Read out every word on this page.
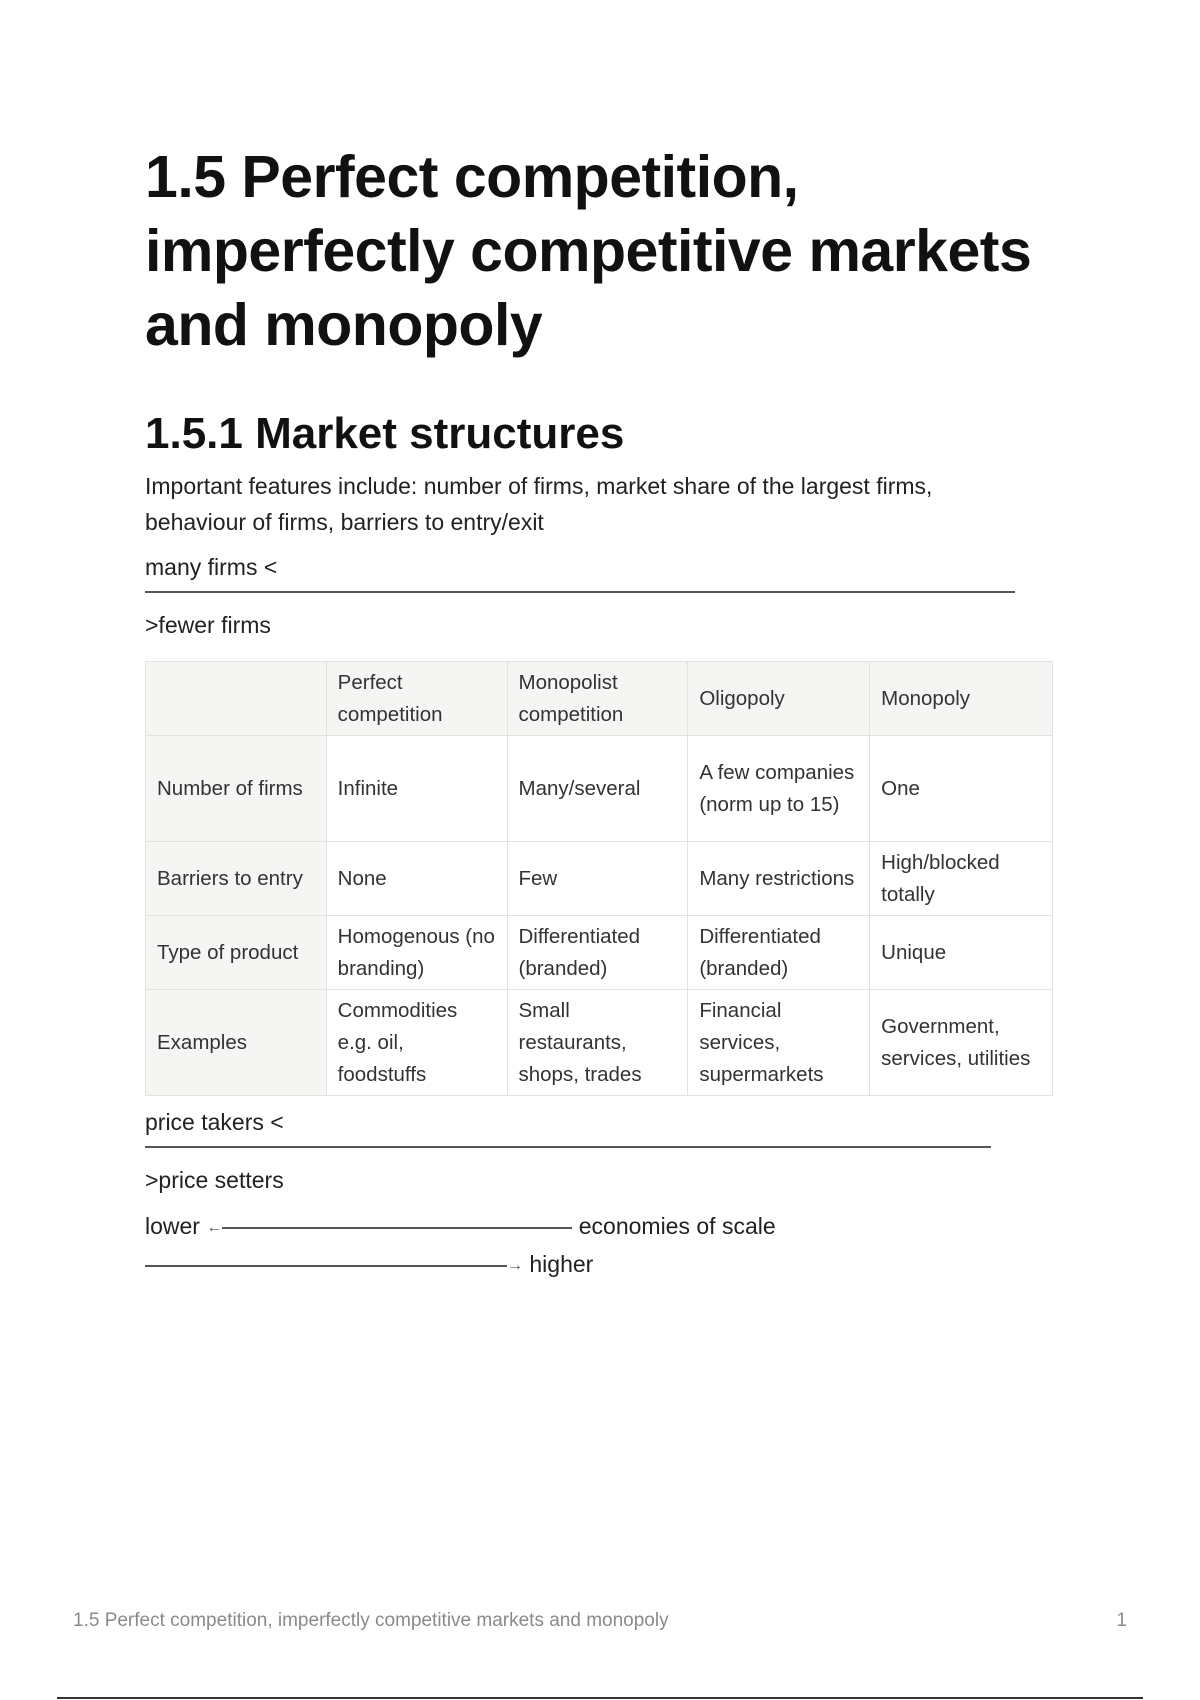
1.5 Perfect competition, imperfectly competitive markets and monopoly
1.5.1 Market structures

Important features include: number of firms, market share of the largest firms, behaviour of firms, barriers to entry/exit

many firms <
>fewer firms
	Perfect competition	Monopolist competition	Oligopoly	Monopoly
Number of firms	Infinite	Many/several	A few companies (norm up to 15)	One
Barriers to entry	None	Few	Many restrictions	High/blocked totally
Type of product	Homogenous (no branding)	Differentiated (branded)	Differentiated (branded)	Unique
Examples	Commodities e.g. oil, foodstuffs	Small restaurants, shops, trades	Financial services, supermarkets	Government, services, utilities
price takers <
>price setters
lower ←	economies of scale
→ higher
1.5 Perfect competition, imperfectly competitive markets and monopoly	1
